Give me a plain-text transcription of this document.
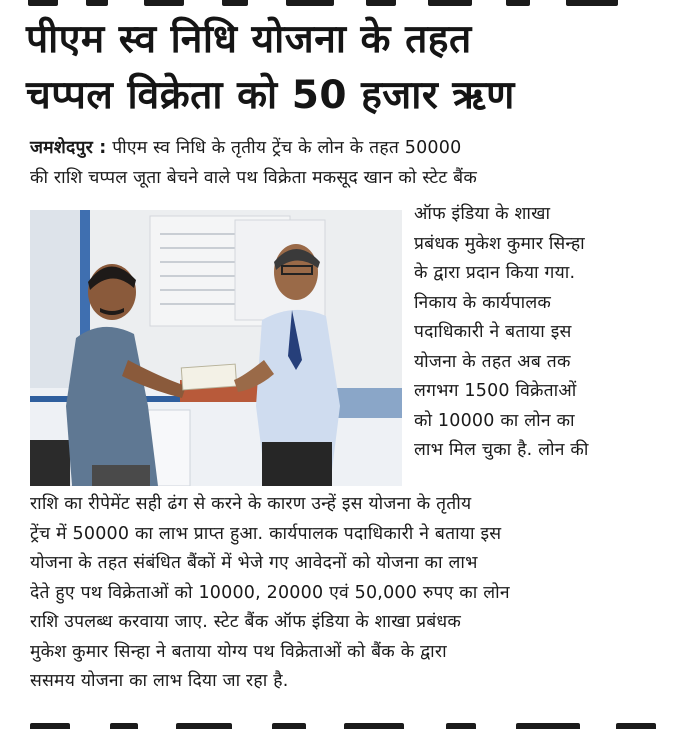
पीएम स्व निधि योजना के तहत
चप्पल विक्रेता को 50 हजार ऋण
जमशेदपुर : पीएम स्व निधि के तृतीय ट्रेंच के लोन के तहत 50000
की राशि चप्पल जूता बेचने वाले पथ विक्रेता मकसूद खान को स्टेट बैंक
ऑफ इंडिया के शाखा
प्रबंधक मुकेश कुमार सिन्हा
के द्वारा प्रदान किया गया.
निकाय के कार्यपालक
पदाधिकारी ने बताया इस
योजना के तहत अब तक
लगभग 1500 विक्रेताओं
को 10000 का लोन का
लाभ मिल चुका है. लोन की
राशि का रीपेमेंट सही ढंग से करने के कारण उन्हें इस योजना के तृतीय
ट्रेंच में 50000 का लाभ प्राप्त हुआ. कार्यपालक पदाधिकारी ने बताया इस
योजना के तहत संबंधित बैंकों में भेजे गए आवेदनों को योजना का लाभ
देते हुए पथ विक्रेताओं को 10000, 20000 एवं 50,000 रुपए का लोन
राशि उपलब्ध करवाया जाए. स्टेट बैंक ऑफ इंडिया के शाखा प्रबंधक
मुकेश कुमार सिन्हा ने बताया योग्य पथ विक्रेताओं को बैंक के द्वारा
ससमय योजना का लाभ दिया जा रहा है.
